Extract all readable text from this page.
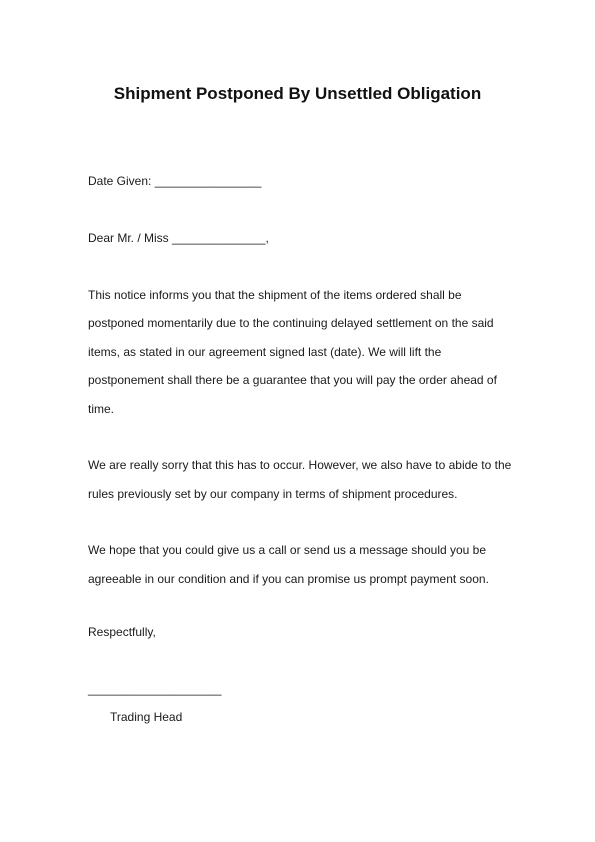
Shipment Postponed By Unsettled Obligation
Date Given: ________________
Dear Mr. / Miss ______________,
This notice informs you that the shipment of the items ordered shall be
postponed momentarily due to the continuing delayed settlement on the said
items, as stated in our agreement signed last (date). We will lift the
postponement shall there be a guarantee that you will pay the order ahead of
time.
We are really sorry that this has to occur. However, we also have to abide to the
rules previously set by our company in terms of shipment procedures.
We hope that you could give us a call or send us a message should you be
agreeable in our condition and if you can promise us prompt payment soon.
Respectfully,
____________________
Trading Head
